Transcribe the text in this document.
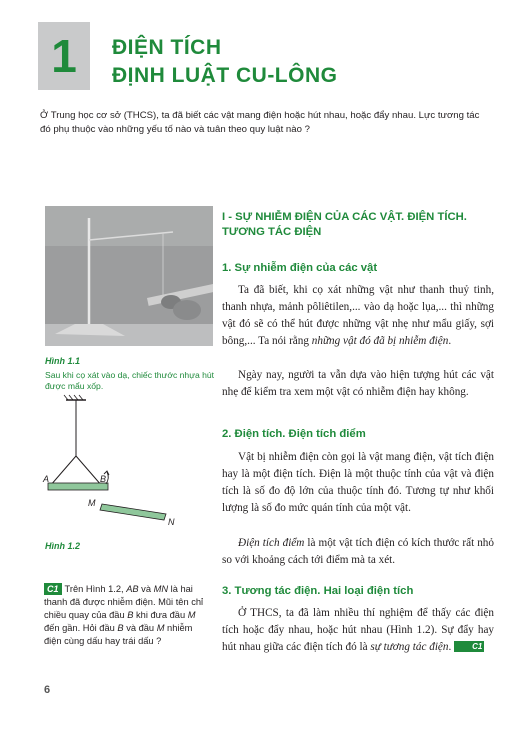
1	ĐIỆN TÍCH
ĐỊNH LUẬT CU-LÔNG
Ở Trung học cơ sở (THCS), ta đã biết các vật mang điện hoặc hút nhau, hoặc đẩy nhau. Lực tương tác đó phụ thuộc vào những yếu tố nào và tuân theo quy luật nào ?
Hình 1.1
Sau khi cọ xát vào dạ, chiếc thước nhựa hút được mẩu xốp.
A	B
M
N
Hình 1.2
C1 Trên Hình 1.2, AB và MN là hai thanh đã được nhiễm điện. Mũi tên chỉ chiều quay của đầu B khi đưa đầu M đến gần. Hỏi đầu B và đầu M nhiễm điện cùng dấu hay trái dấu ?
I - SỰ NHIỄM ĐIỆN CỦA CÁC VẬT. ĐIỆN TÍCH. TƯƠNG TÁC ĐIỆN
1. Sự nhiễm điện của các vật
Ta đã biết, khi cọ xát những vật như thanh thuỷ tinh, thanh nhựa, mảnh pôliêtilen,... vào dạ hoặc lụa,... thì những vật đó sẽ có thể hút được những vật nhẹ như mẩu giấy, sợi bông,... Ta nói rằng những vật đó đã bị nhiễm điện.
Ngày nay, người ta vẫn dựa vào hiện tượng hút các vật nhẹ để kiểm tra xem một vật có nhiễm điện hay không.
2. Điện tích. Điện tích điểm
Vật bị nhiễm điện còn gọi là vật mang điện, vật tích điện hay là một điện tích. Điện là một thuộc tính của vật và điện tích là số đo độ lớn của thuộc tính đó. Tương tự như khối lượng là số đo mức quán tính của một vật.
Điện tích điểm là một vật tích điện có kích thước rất nhỏ so với khoảng cách tới điểm mà ta xét.
3. Tương tác điện. Hai loại điện tích
Ở THCS, ta đã làm nhiều thí nghiệm để thấy các điện tích hoặc đẩy nhau, hoặc hút nhau (Hình 1.2). Sự đẩy hay hút nhau giữa các điện tích đó là sự tương tác điện. C1
6
